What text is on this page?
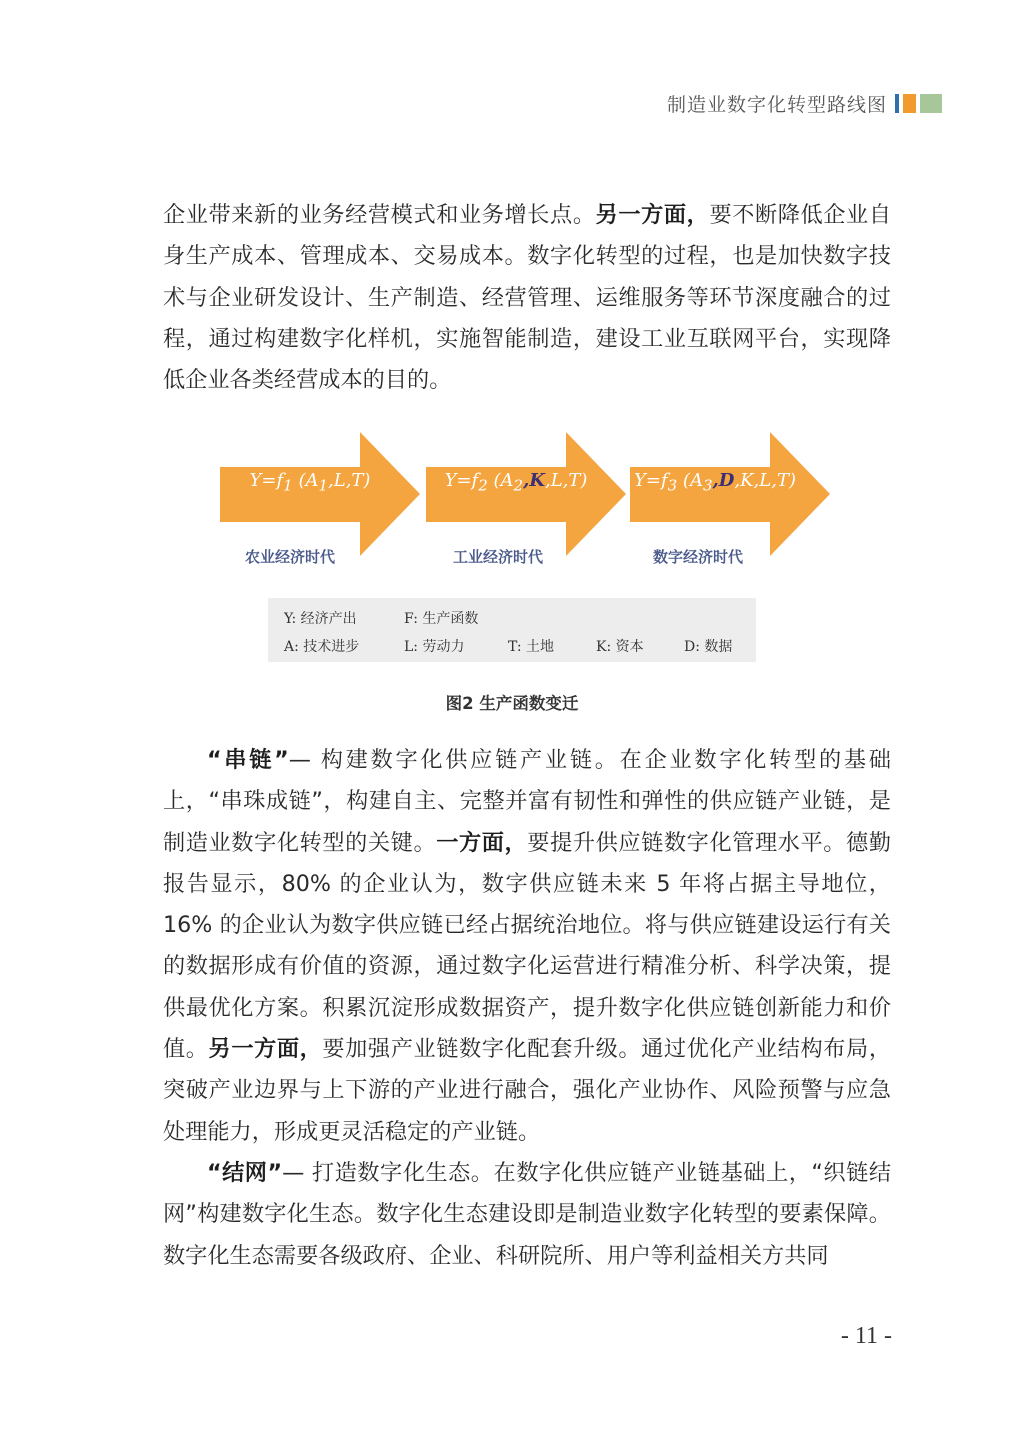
制造业数字化转型路线图

企业带来新的业务经营模式和业务增长点。另一方面，要不断降低企业自身生产成本、管理成本、交易成本。数字化转型的过程，也是加快数字技术与企业研发设计、生产制造、经营管理、运维服务等环节深度融合的过程，通过构建数字化样机，实施智能制造，建设工业互联网平台，实现降低企业各类经营成本的目的。

$Y=f_1$ $(A_1,L,T)$
农业经济时代
$Y=f_2$ $(A_2,K,L,T)$
工业经济时代
$Y=f_3$ $(A_3,D,K,L,T)$
数字经济时代
Y: 经济产出	F: 生产函数
A: 技术进步	L: 劳动力	T: 土地	K: 资本	D: 数据
图2 生产函数变迁

“串链”— 构建数字化供应链产业链。在企业数字化转型的基础上，“串珠成链”，构建自主、完整并富有韧性和弹性的供应链产业链，是制造业数字化转型的关键。一方面，要提升供应链数字化管理水平。德勤报告显示，80% 的企业认为，数字供应链未来 5 年将占据主导地位，16% 的企业认为数字供应链已经占据统治地位。将与供应链建设运行有关的数据形成有价值的资源，通过数字化运营进行精准分析、科学决策，提供最优化方案。积累沉淀形成数据资产，提升数字化供应链创新能力和价值。另一方面，要加强产业链数字化配套升级。通过优化产业结构布局，突破产业边界与上下游的产业进行融合，强化产业协作、风险预警与应急处理能力，形成更灵活稳定的产业链。

“结网”— 打造数字化生态。在数字化供应链产业链基础上，“织链结网”构建数字化生态。数字化生态建设即是制造业数字化转型的要素保障。数字化生态需要各级政府、企业、科研院所、用户等利益相关方共同

- 11 -
